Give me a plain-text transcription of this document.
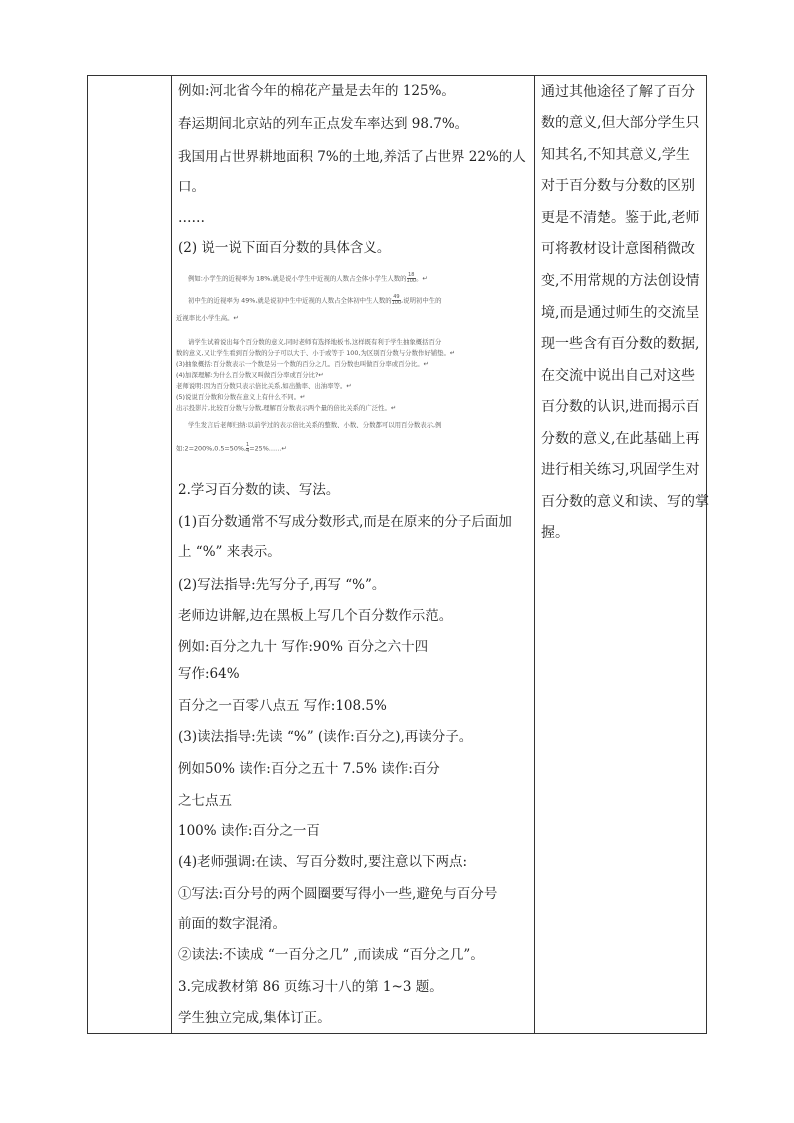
例如:河北省今年的棉花产量是去年的 125%。
春运期间北京站的列车正点发车率达到 98.7%。
我国用占世界耕地面积 7%的土地,养活了占世界 22%的人
口。
……
(2) 说一说下面百分数的具体含义。
例如:小学生的近视率为 18%,就是说小学生中近视的人数占全体小学生人数的 $\frac{18}{100}$ 。↵
初中生的近视率为 49%,就是说初中生中近视的人数占全体初中生人数的 $\frac{49}{100}$ ,说明初中生的
近视率比小学生高。↵
请学生试着说出每个百分数的意义,同时老师有选择地板书,这样既有利于学生抽象概括百分
数的意义,又让学生看到百分数的分子可以大于、小于或等于 100,为区别百分数与分数作好铺垫。↵
(3)抽象概括:百分数表示一个数是另一个数的百分之几。百分数也叫做百分率或百分比。↵
(4)加深理解:为什么百分数又叫做百分率或百分比?↵
老师说明:因为百分数只表示倍比关系,如出勤率、出油率等。↵
(5)说说百分数和分数在意义上有什么不同。↵
出示投影片,比较百分数与分数,理解百分数表示两个量的倍比关系的广泛性。↵
学生发言后老师归纳:以前学过的表示倍比关系的整数、小数、分数都可以用百分数表示,例
如:2=200%,0.5=50%, $\frac{1}{4}$ =25%……↵
2.学习百分数的读、写法。
(1)百分数通常不写成分数形式,而是在原来的分子后面加
上 “%” 来表示。
(2)写法指导:先写分子,再写 “%”。
老师边讲解,边在黑板上写几个百分数作示范。
例如:百分之九十 写作:90% 百分之六十四
写作:64%
百分之一百零八点五 写作:108.5%
(3)读法指导:先读 “%” (读作:百分之),再读分子。
例如50% 读作:百分之五十 7.5% 读作:百分
之七点五
100% 读作:百分之一百
(4)老师强调:在读、写百分数时,要注意以下两点:
①写法:百分号的两个圆圈要写得小一些,避免与百分号
前面的数字混淆。
②读法:不读成 “一百分之几” ,而读成 “百分之几”。
3.完成教材第 86 页练习十八的第 1~3 题。
学生独立完成,集体订正。
通过其他途径了解了百分
数的意义,但大部分学生只
知其名,不知其意义,学生
对于百分数与分数的区别
更是不清楚。鉴于此,老师
可将教材设计意图稍微改
变,不用常规的方法创设情
境,而是通过师生的交流呈
现一些含有百分数的数据,
在交流中说出自己对这些
百分数的认识,进而揭示百
分数的意义,在此基础上再
进行相关练习,巩固学生对
百分数的意义和读、写的掌
握。
